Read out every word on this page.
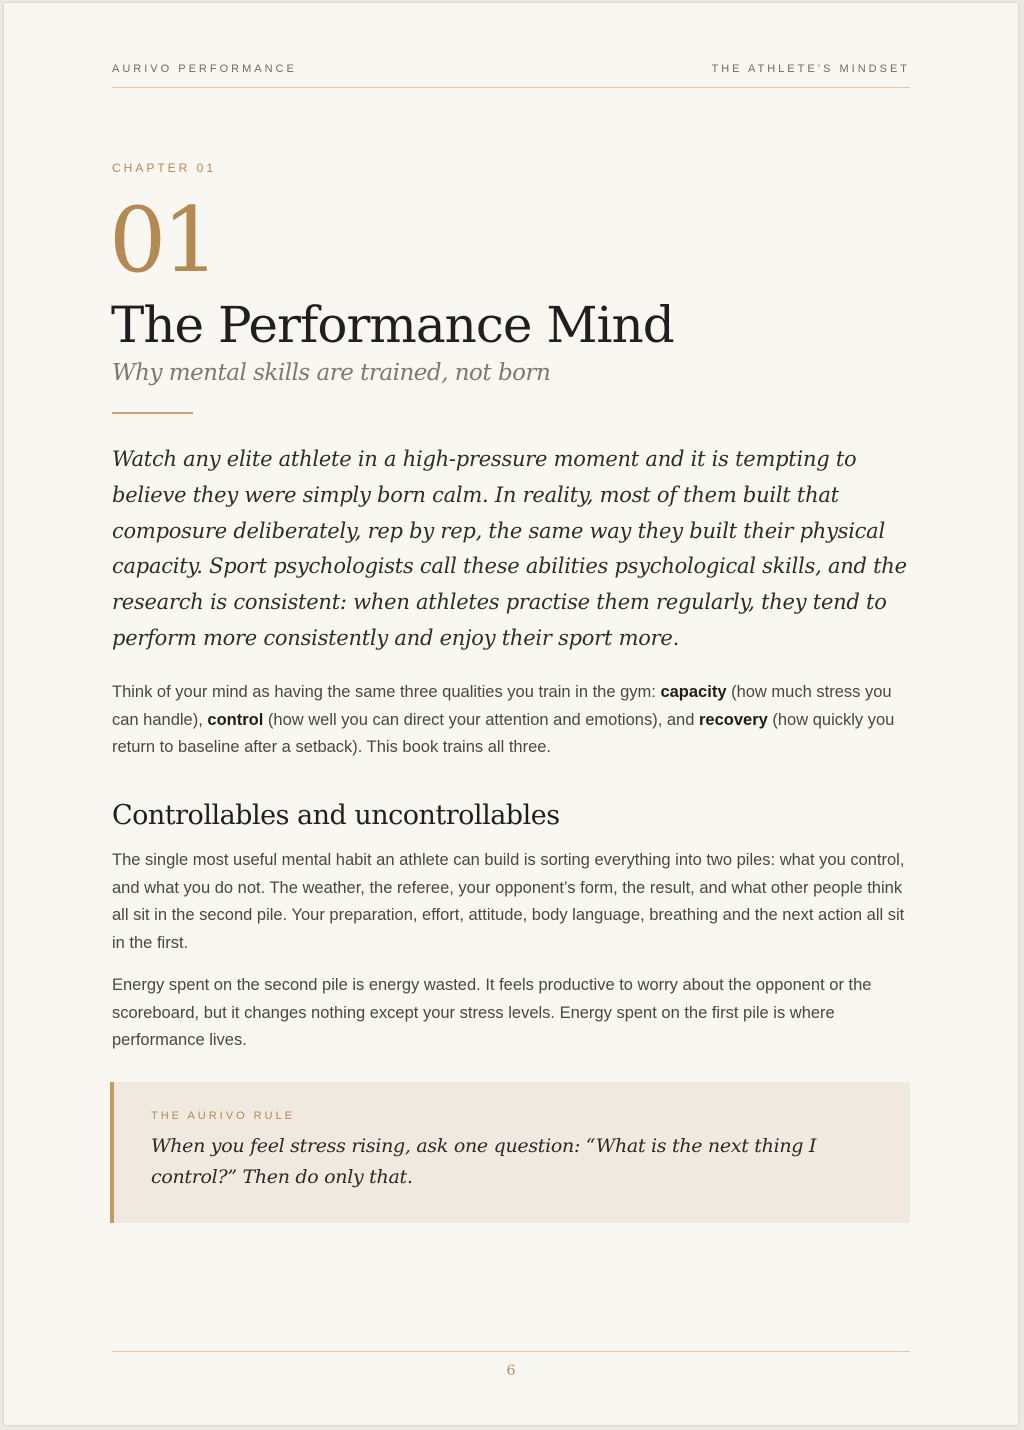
AURIVO PERFORMANCE	THE ATHLETE’S MINDSET
CHAPTER 01
01
The Performance Mind
Why mental skills are trained, not born

Watch any elite athlete in a high-pressure moment and it is tempting to believe they were simply born calm. In reality, most of them built that composure deliberately, rep by rep, the same way they built their physical capacity. Sport psychologists call these abilities psychological skills, and the research is consistent: when athletes practise them regularly, they tend to perform more consistently and enjoy their sport more.

Think of your mind as having the same three qualities you train in the gym: capacity (how much stress you can handle), control (how well you can direct your attention and emotions), and recovery (how quickly you return to baseline after a setback). This book trains all three.

Controllables and uncontrollables

The single most useful mental habit an athlete can build is sorting everything into two piles: what you control, and what you do not. The weather, the referee, your opponent’s form, the result, and what other people think all sit in the second pile. Your preparation, effort, attitude, body language, breathing and the next action all sit in the first.

Energy spent on the second pile is energy wasted. It feels productive to worry about the opponent or the scoreboard, but it changes nothing except your stress levels. Energy spent on the first pile is where performance lives.

THE AURIVO RULE

When you feel stress rising, ask one question: “What is the next thing I control?” Then do only that.

6
